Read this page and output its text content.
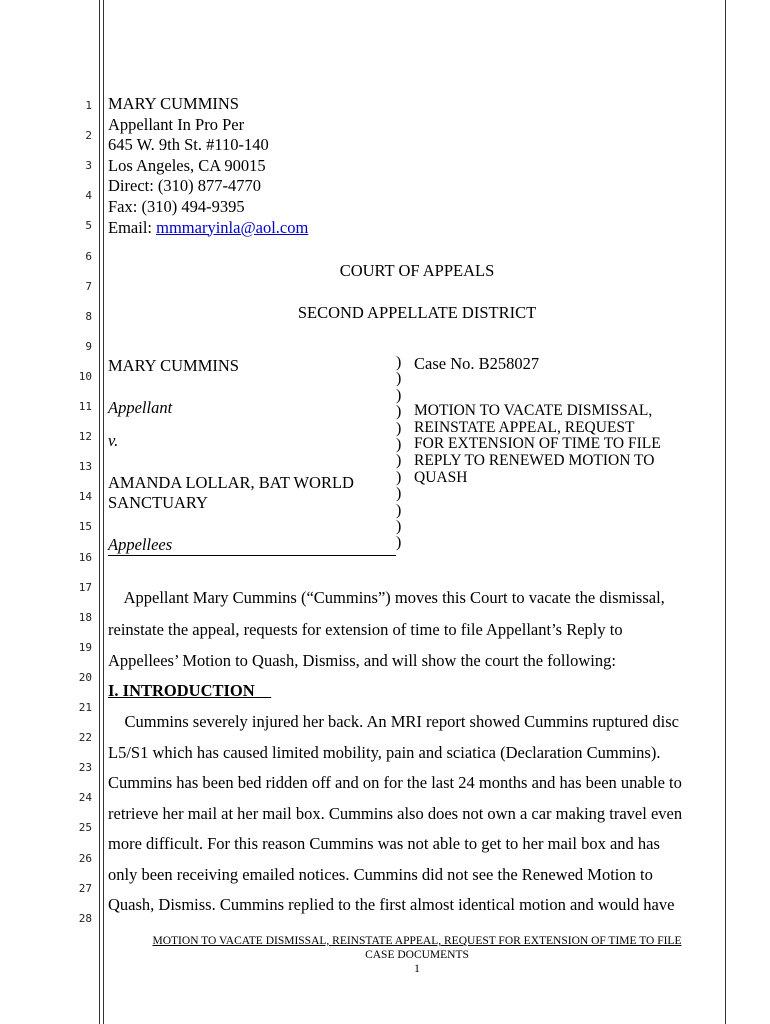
1
2
3
4
5
6
7
8
9
10
11
12
13
14
15
16
17
18
19
20
21
22
23
24
25
26
27
28
MARY CUMMINS
Appellant In Pro Per
645 W. 9th St. #110-140
Los Angeles, CA 90015
Direct: (310) 877-4770
Fax: (310) 494-9395
Email: mmmaryinla@aol.com
COURT OF APPEALS
SECOND APPELLATE DISTRICT
MARY CUMMINS
Appellant
v.
AMANDA LOLLAR, BAT WORLD
SANCTUARY
Appellees
)
)
)
)
)
)
)
)
)
)
)
)
Case No. B258027
MOTION TO VACATE DISMISSAL,
REINSTATE APPEAL, REQUEST
FOR EXTENSION OF TIME TO FILE
REPLY TO RENEWED MOTION TO
QUASH
Appellant Mary Cummins (“Cummins”) moves this Court to vacate the dismissal,
reinstate the appeal, requests for extension of time to file Appellant’s Reply to
Appellees’ Motion to Quash, Dismiss, and will show the court the following:
I. INTRODUCTION
Cummins severely injured her back. An MRI report showed Cummins ruptured disc
L5/S1 which has caused limited mobility, pain and sciatica (Declaration Cummins).
Cummins has been bed ridden off and on for the last 24 months and has been unable to
retrieve her mail at her mail box. Cummins also does not own a car making travel even
more difficult. For this reason Cummins was not able to get to her mail box and has
only been receiving emailed notices. Cummins did not see the Renewed Motion to
Quash, Dismiss. Cummins replied to the first almost identical motion and would have
MOTION TO VACATE DISMISSAL, REINSTATE APPEAL, REQUEST FOR EXTENSION OF TIME TO FILE
CASE DOCUMENTS
1
